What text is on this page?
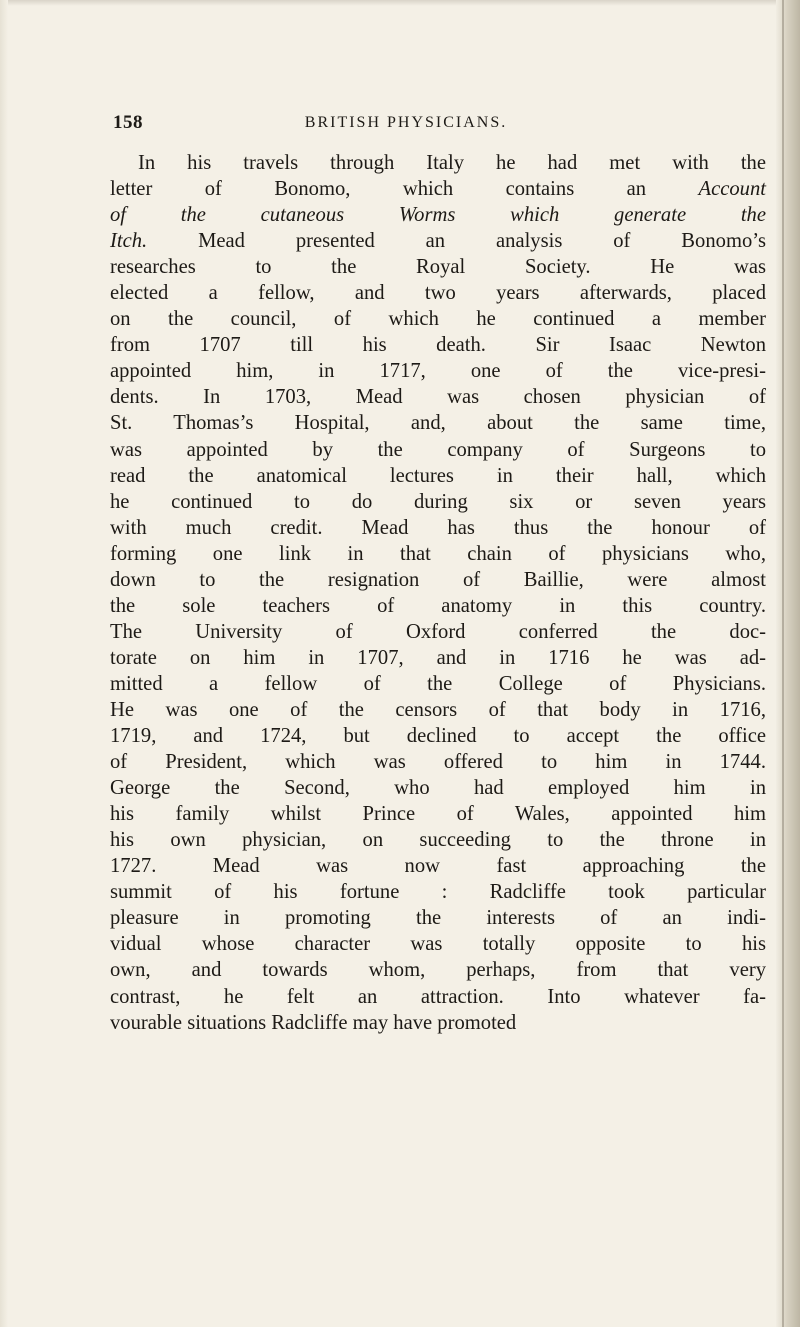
158	BRITISH PHYSICIANS.
In his travels through Italy he had met with the
letter of Bonomo, which contains an Account
of the cutaneous Worms which generate the
Itch. Mead presented an analysis of Bonomo’s
researches to the Royal Society. He was
elected a fellow, and two years afterwards, placed
on the council, of which he continued a member
from 1707 till his death. Sir Isaac Newton
appointed him, in 1717, one of the vice-presi-
dents. In 1703, Mead was chosen physician of
St. Thomas’s Hospital, and, about the same time,
was appointed by the company of Surgeons to
read the anatomical lectures in their hall, which
he continued to do during six or seven years
with much credit. Mead has thus the honour of
forming one link in that chain of physicians who,
down to the resignation of Baillie, were almost
the sole teachers of anatomy in this country.
The University of Oxford conferred the doc-
torate on him in 1707, and in 1716 he was ad-
mitted a fellow of the College of Physicians.
He was one of the censors of that body in 1716,
1719, and 1724, but declined to accept the office
of President, which was offered to him in 1744.
George the Second, who had employed him in
his family whilst Prince of Wales, appointed him
his own physician, on succeeding to the throne in
1727. Mead was now fast approaching the
summit of his fortune : Radcliffe took particular
pleasure in promoting the interests of an indi-
vidual whose character was totally opposite to his
own, and towards whom, perhaps, from that very
contrast, he felt an attraction. Into whatever fa-
vourable situations Radcliffe may have promoted
